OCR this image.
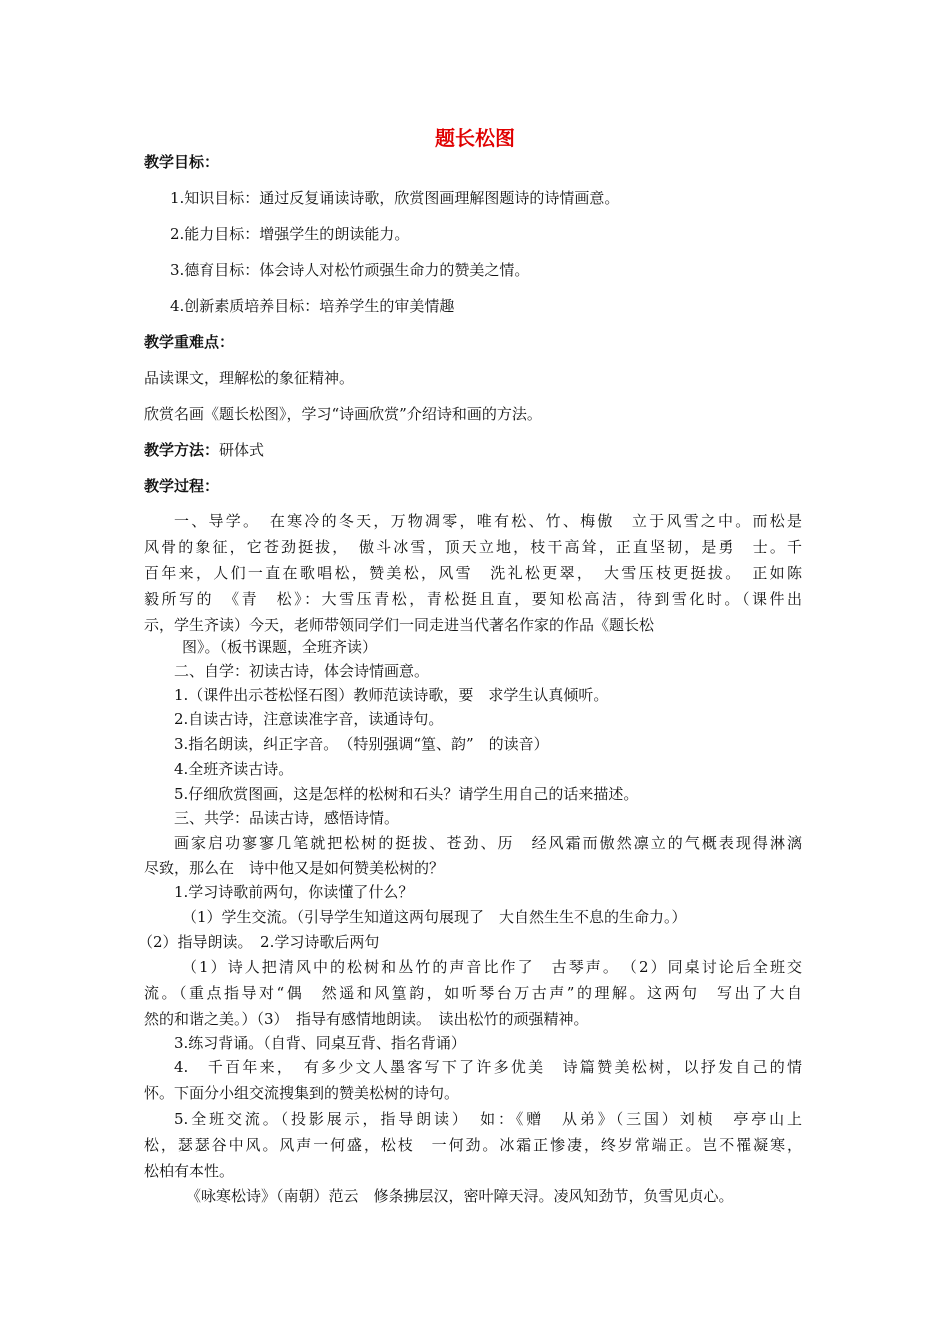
题长松图
教学目标：
1.知识目标：通过反复诵读诗歌，欣赏图画理解图题诗的诗情画意。
2.能力目标：增强学生的朗读能力。
3.德育目标：体会诗人对松竹顽强生命力的赞美之情。
4.创新素质培养目标：培养学生的审美情趣
教学重难点：
品读课文，理解松的象征精神。
欣赏名画《题长松图》，学习“诗画欣赏”介绍诗和画的方法。
教学方法：研体式
教学过程：
一、导学。　在寒冷的冬天，万物凋零，唯有松、竹、梅傲　立于风雪之中。而松是
风骨的象征，它苍劲挺拔，　傲斗冰雪，顶天立地，枝干高耸，正直坚韧，是勇　士。千
百年来，人们一直在歌唱松，赞美松，风雪　洗礼松更翠，　大雪压枝更挺拔。　正如陈
毅所写的　《青　松》：大雪压青松，青松挺且直，要知松高洁，待到雪化时。（课件出
示，学生齐读）今天，老师带领同学们一同走进当代著名作家的作品《题长松
图》。（板书课题，全班齐读）
二、自学：初读古诗，体会诗情画意。
1.（课件出示苍松怪石图）教师范读诗歌，要　求学生认真倾听。
2.自读古诗，注意读准字音，读通诗句。
3.指名朗读，纠正字音。　（特别强调“篁、韵”　的读音）
4.全班齐读古诗。
5.仔细欣赏图画，这是怎样的松树和石头？请学生用自己的话来描述。
三、共学：品读古诗，感悟诗情。
画家启功寥寥几笔就把松树的挺拔、苍劲、历　经风霜而傲然凛立的气概表现得淋漓
尽致，那么在　诗中他又是如何赞美松树的？
1.学习诗歌前两句，你读懂了什么？
（1）学生交流。（引导学生知道这两句展现了　大自然生生不息的生命力。）
（2）指导朗读。　2.学习诗歌后两句
（1）诗人把清风中的松树和丛竹的声音比作了　古琴声。　（2）同桌讨论后全班交
流。（重点指导对“偶　然遥和风篁韵，如听琴台万古声”的理解。这两句　写出了大自
然的和谐之美。）（3）　指导有感情地朗读。　读出松竹的顽强精神。
3.练习背诵。（自背、同桌互背、指名背诵）
4.　千百年来，　有多少文人墨客写下了许多优美　诗篇赞美松树，以抒发自己的情
怀。下面分小组交流搜集到的赞美松树的诗句。
5.全班交流。（投影展示，指导朗读）　如：《赠　从弟》（三国）刘桢　亭亭山上
松，瑟瑟谷中风。风声一何盛，松枝　一何劲。冰霜正惨凄，终岁常端正。岂不罹凝寒，
松柏有本性。
《咏寒松诗》（南朝）范云　修条拂层汉，密叶障天浔。凌风知劲节，负雪见贞心。
